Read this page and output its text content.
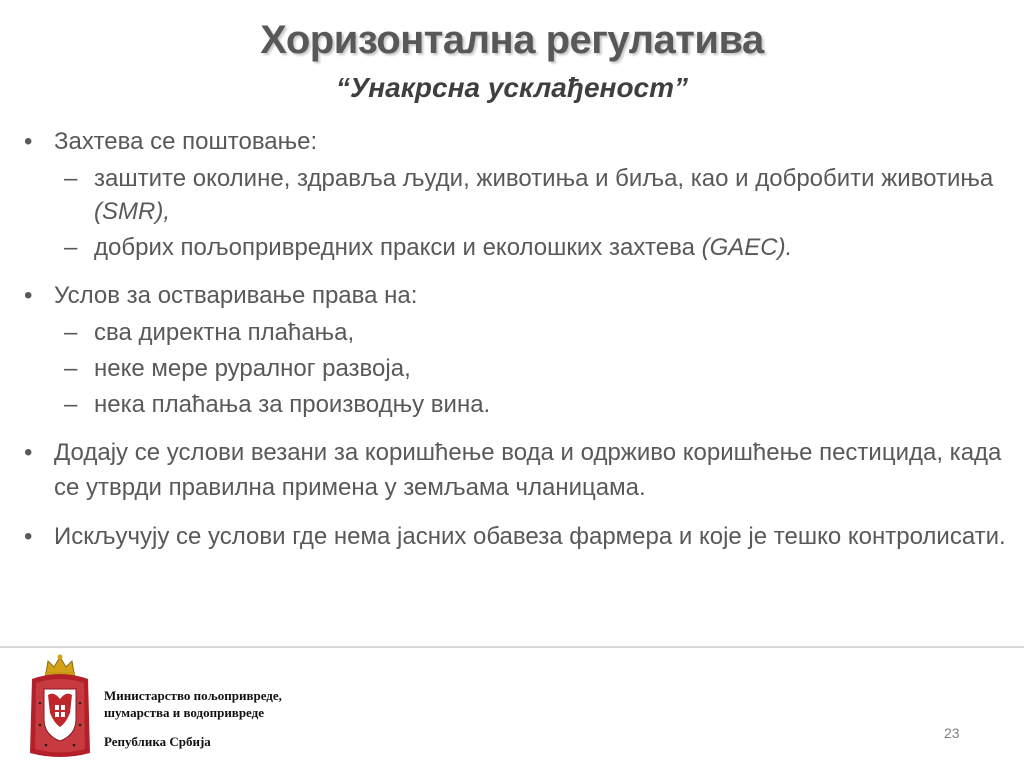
Хоризонтална регулатива
“Унакрсна усклађеност”
• Захтева се поштовање:
– заштите околине, здравља људи, животиња и биља, као и добробити животиња (SMR),
– добрих пољопривредних пракси и еколошких захтева (GAEC).
• Услов за остваривање права на:
– сва директна плаћања,
– неке мере руралног развоја,
– нека плаћања за производњу вина.
• Додају се услови везани за коришћење вода и одрживо коришћење пестицида, када се утврди правилна примена у земљама чланицама.
• Искључују се услови где нема јасних обавеза фармера и које је тешко контролисати.
Министарство пољопривреде,
шумарства и водопривреде
Република Србија
23
